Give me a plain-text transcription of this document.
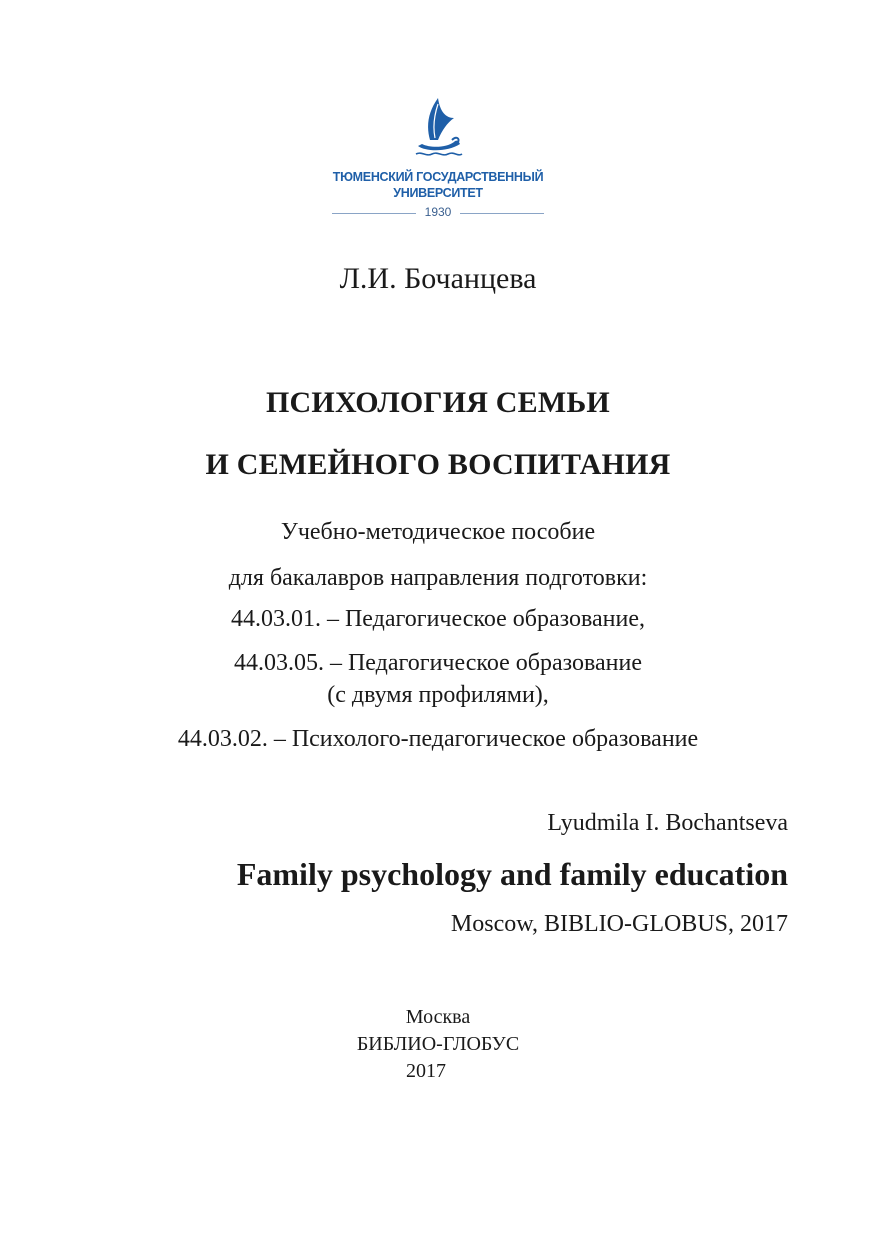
ТЮМЕНСКИЙ ГОСУДАРСТВЕННЫЙ
УНИВЕРСИТЕТ
1930
Л.И. Бочанцева
ПСИХОЛОГИЯ СЕМЬИ
И СЕМЕЙНОГО ВОСПИТАНИЯ
Учебно-методическое пособие
для бакалавров направления подготовки:
44.03.01. – Педагогическое образование,
44.03.05. – Педагогическое образование
(с двумя профилями),
44.03.02. – Психолого-педагогическое образование
Lyudmila I. Bochantseva
Family psychology and family education
Moscow, BIBLIO-GLOBUS, 2017
Москва
БИБЛИО-ГЛОБУС
2017
